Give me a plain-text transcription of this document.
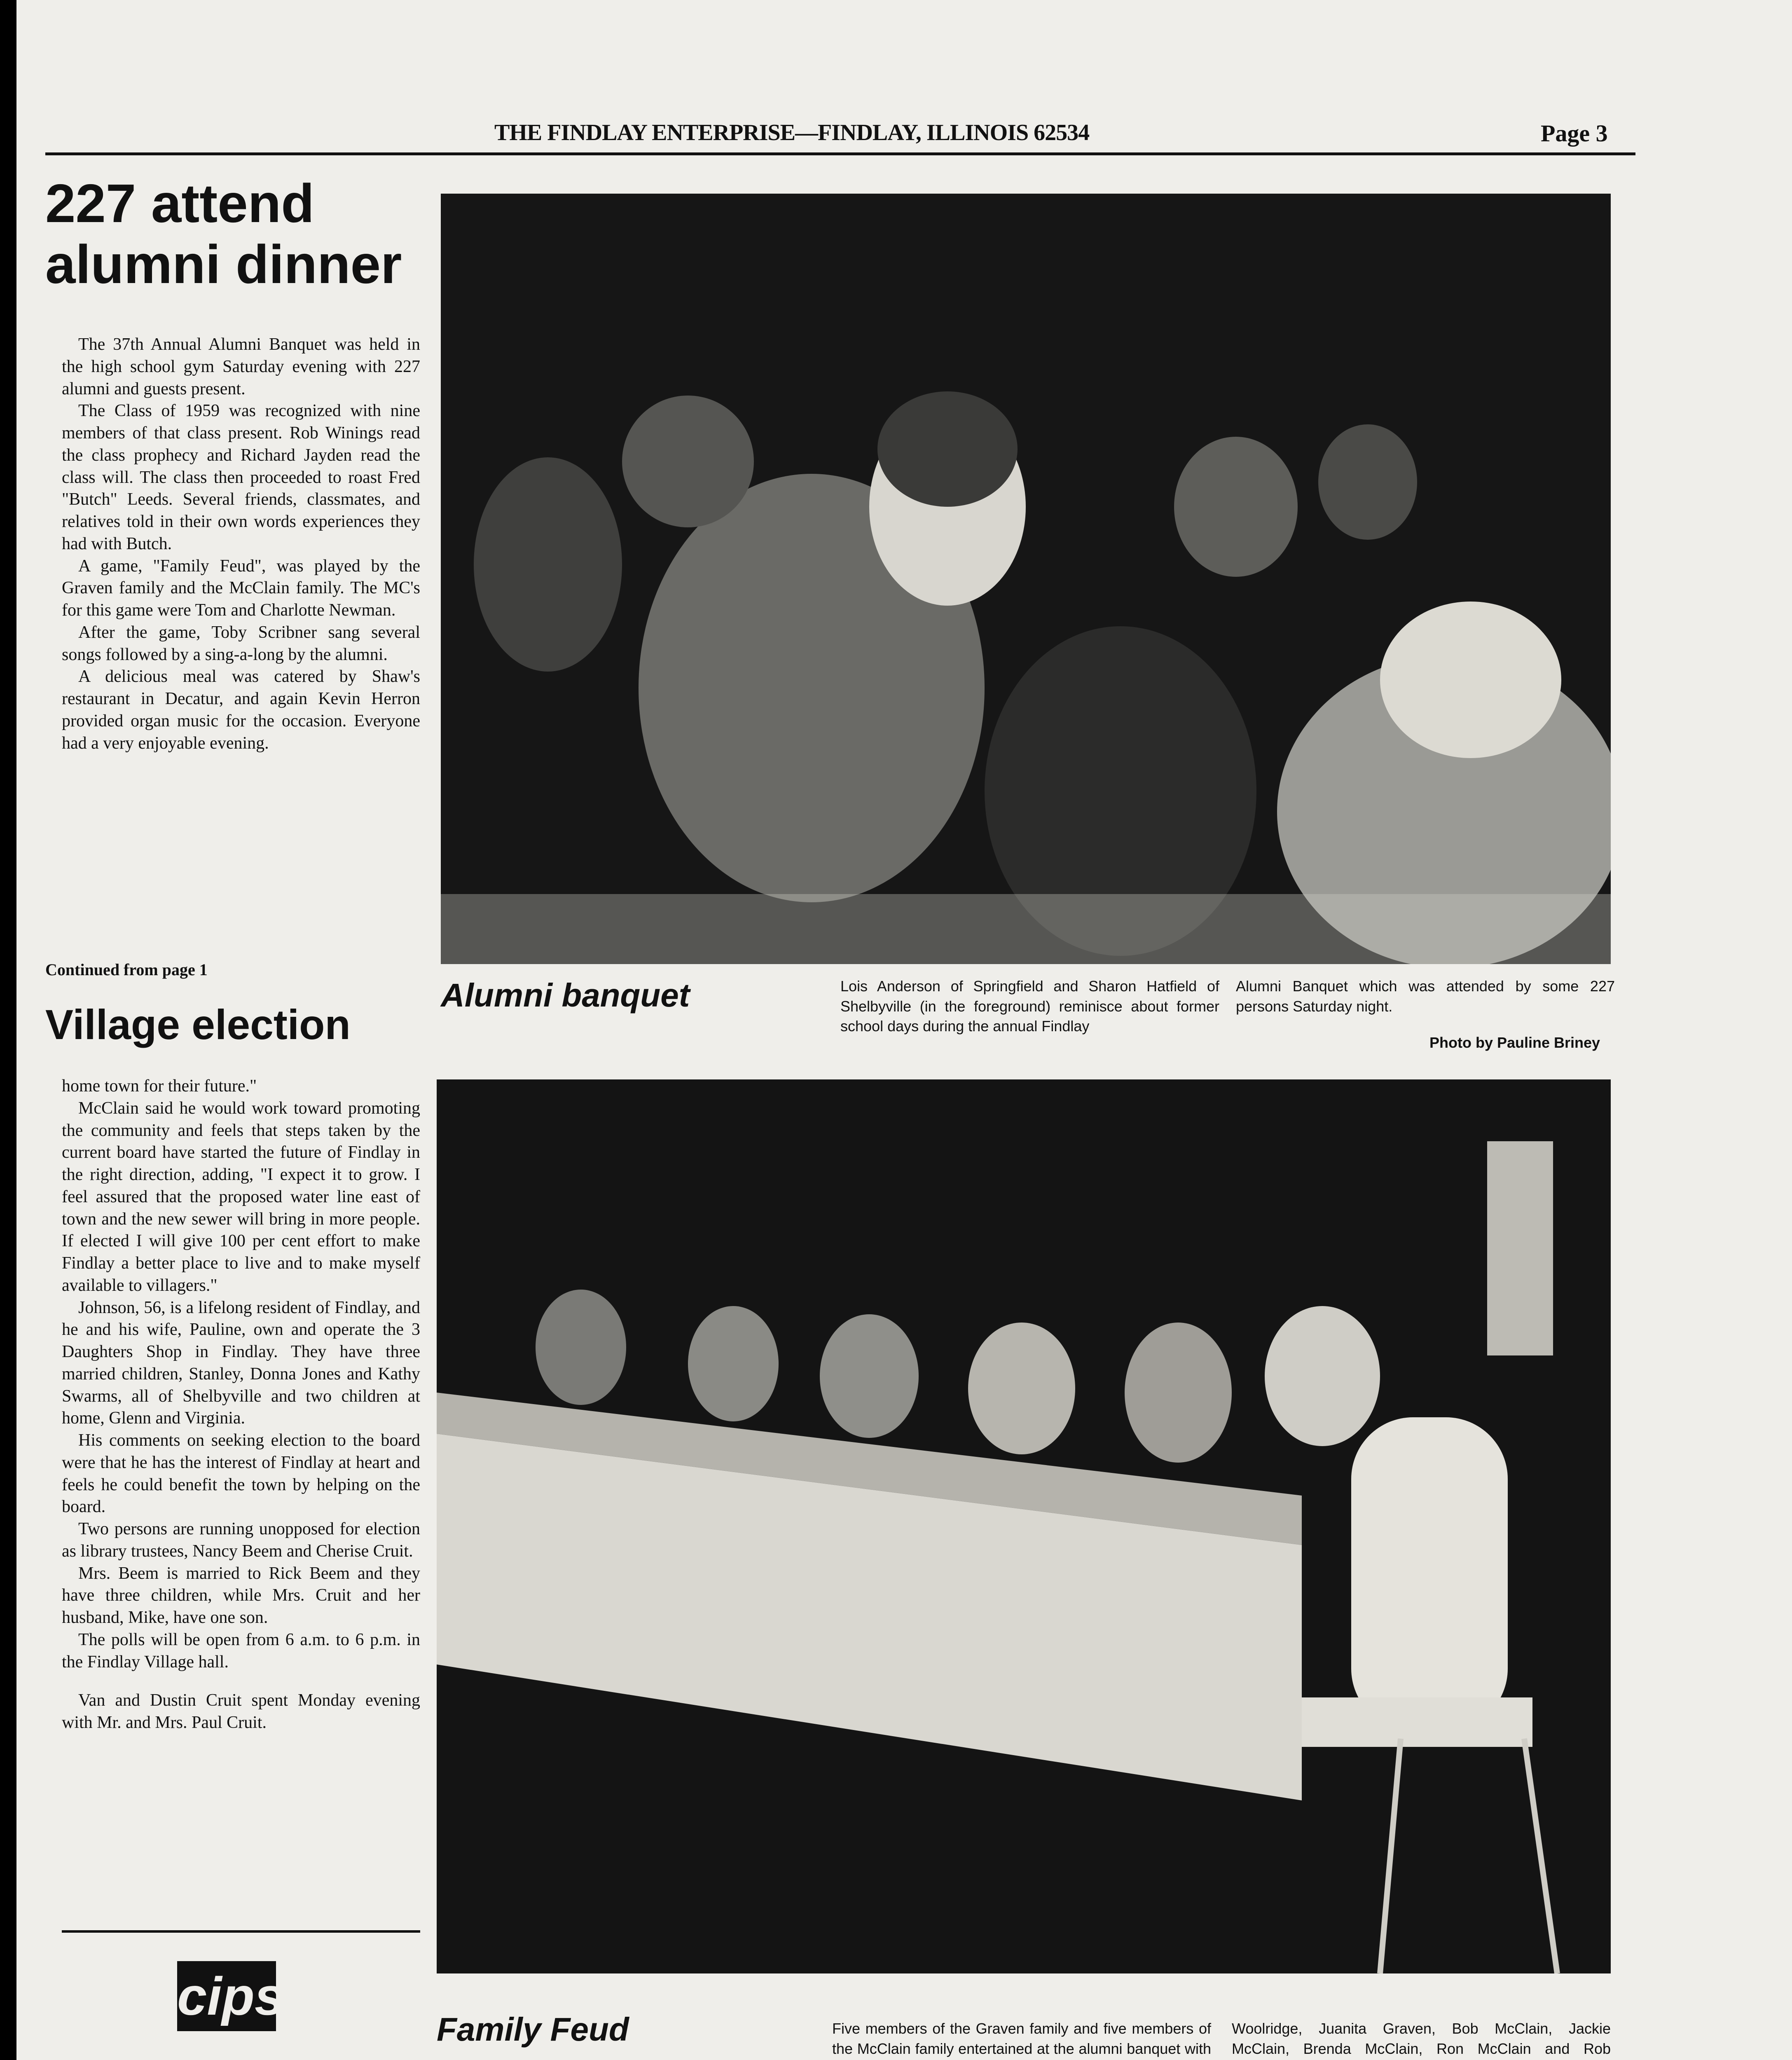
THE FINDLAY ENTERPRISE—FINDLAY, ILLINOIS 62534	Page 3
227 attend
alumni dinner

The 37th Annual Alumni Banquet was held in the high school gym Saturday evening with 227 alumni and guests present.

The Class of 1959 was recognized with nine members of that class present. Rob Winings read the class prophecy and Richard Jayden read the class will. The class then proceeded to roast Fred "Butch" Leeds. Several friends, classmates, and relatives told in their own words experiences they had with Butch.

A game, "Family Feud", was played by the Graven family and the McClain family. The MC's for this game were Tom and Charlotte Newman.

After the game, Toby Scribner sang several songs followed by a sing-a-long by the alumni.

A delicious meal was catered by Shaw's restaurant in Decatur, and again Kevin Herron provided organ music for the occasion. Everyone had a very enjoyable evening.

Alumni banquet	Lois Anderson of Springfield and Sharon Hatfield of Shelbyville (in the foreground) reminisce about former school days during the annual Findlay
Alumni Banquet which was attended by some 227 persons Saturday night.
Photo by Pauline Briney
Continued from page 1
Village election

home town for their future."

McClain said he would work toward promoting the community and feels that steps taken by the current board have started the future of Findlay in the right direction, adding, "I expect it to grow. I feel assured that the proposed water line east of town and the new sewer will bring in more people. If elected I will give 100 per cent effort to make Findlay a better place to live and to make myself available to villagers."

Johnson, 56, is a lifelong resident of Findlay, and he and his wife, Pauline, own and operate the 3 Daughters Shop in Findlay. They have three married children, Stanley, Donna Jones and Kathy Swarms, all of Shelbyville and two children at home, Glenn and Virginia.

His comments on seeking election to the board were that he has the interest of Findlay at heart and feels he could benefit the town by helping on the board.

Two persons are running unopposed for election as library trustees, Nancy Beem and Cherise Cruit.

Mrs. Beem is married to Rick Beem and they have three children, while Mrs. Cruit and her husband, Mike, have one son.

The polls will be open from 6 a.m. to 6 p.m. in the Findlay Village hall.

Van and Dustin Cruit spent Monday evening with Mr. and Mrs. Paul Cruit.

Family Feud	Five members of the Graven family and five members of the McClain family entertained at the alumni banquet with
Woolridge, Juanita Graven, Bob McClain, Jackie McClain, Brenda McClain, Ron McClain and Rob
cips
